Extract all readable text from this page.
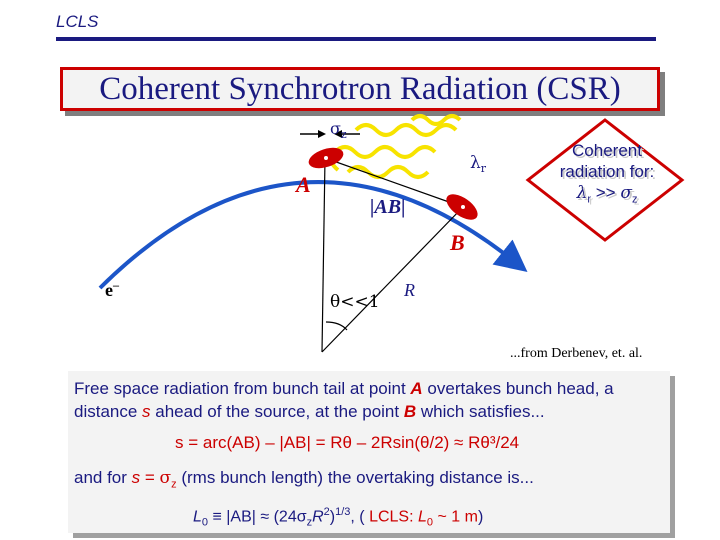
LCLS
Coherent Synchrotron Radiation (CSR)
$\sigma_z$
$\lambda_r$
A
|AB|
B
e–
θ<<1
R
Coherent
radiation for:
$\lambda_r >> \sigma_z$
...from Derbenev, et. al.
Free space radiation from bunch tail at point A overtakes bunch head, a distance s ahead of the source, at the point B which satisfies...
s = arc(AB) – |AB| = Rθ – 2Rsin(θ/2) ≈ Rθ³/24
and for $s = \sigma_z$ (rms bunch length) the overtaking distance is...
$L_0 \equiv |AB| \approx (24\sigma_zR^2)^{1/3}$, ( LCLS: $L_0$ ~ 1 m)
